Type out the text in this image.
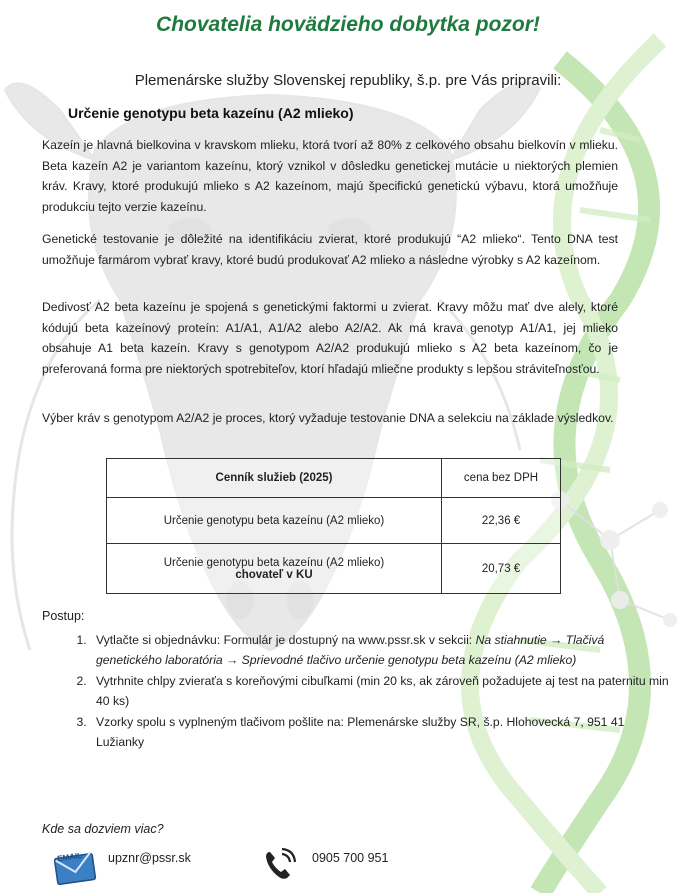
Chovatelia hovädzieho dobytka pozor!
Plemenárske služby Slovenskej republiky, š.p. pre Vás pripravili:
Určenie genotypu beta kazeínu (A2 mlieko)
Kazeín je hlavná bielkovina v kravskom mlieku, ktorá tvorí až 80% z celkového obsahu bielkovín v mlieku. Beta kazeín A2 je variantom kazeínu, ktorý vznikol v dôsledku genetickej mutácie u niektorých plemien kráv. Kravy, ktoré produkujú mlieko s A2 kazeínom, majú špecifickú genetickú výbavu, ktorá umožňuje produkciu tejto verzie kazeínu.
Genetické testovanie je dôležité na identifikáciu zvierat, ktoré produkujú “A2 mlieko“. Tento DNA test umožňuje farmárom vybrať kravy, ktoré budú produkovať A2 mlieko a následne výrobky s A2 kazeínom.
Dedivosť A2 beta kazeínu je spojená s genetickými faktormi u zvierat. Kravy môžu mať dve alely, ktoré kódujú beta kazeínový proteín: A1/A1, A1/A2 alebo A2/A2. Ak má krava genotyp A1/A1, jej mlieko obsahuje A1 beta kazeín. Kravy s genotypom A2/A2 produkujú mlieko s A2 beta kazeínom, čo je preferovaná forma pre niektorých spotrebiteľov, ktorí hľadajú mliečne produkty s lepšou stráviteľnosťou.
Výber kráv s genotypom A2/A2 je proces, ktorý vyžaduje testovanie DNA a selekciu na základe výsledkov.
Cenník služieb (2025)	cena bez DPH
Určenie genotypu beta kazeínu (A2 mlieko)	22,36 €

Určenie genotypu beta kazeínu (A2 mlieko)
chovateľ v KU	20,73 €
Postup:
1. Vytlačte si objednávku: Formulár je dostupný na www.pssr.sk v sekcii: Na stiahnutie → Tlačivá genetického laboratória → Sprievodné tlačivo určenie genotypu beta kazeínu (A2 mlieko)
2. Vytrhnite chlpy zvieraťa s koreňovými cibuľkami (min 20 ks, ak zároveň požadujete aj test na paternitu min 40 ks)
3. Vzorky spolu s vyplneným tlačivom pošlite na: Plemenárske služby SR, š.p. Hlohovecká 7, 951 41 Lužianky
Kde sa dozviem viac?
EMAIL upznr@pssr.sk	0905 700 951
